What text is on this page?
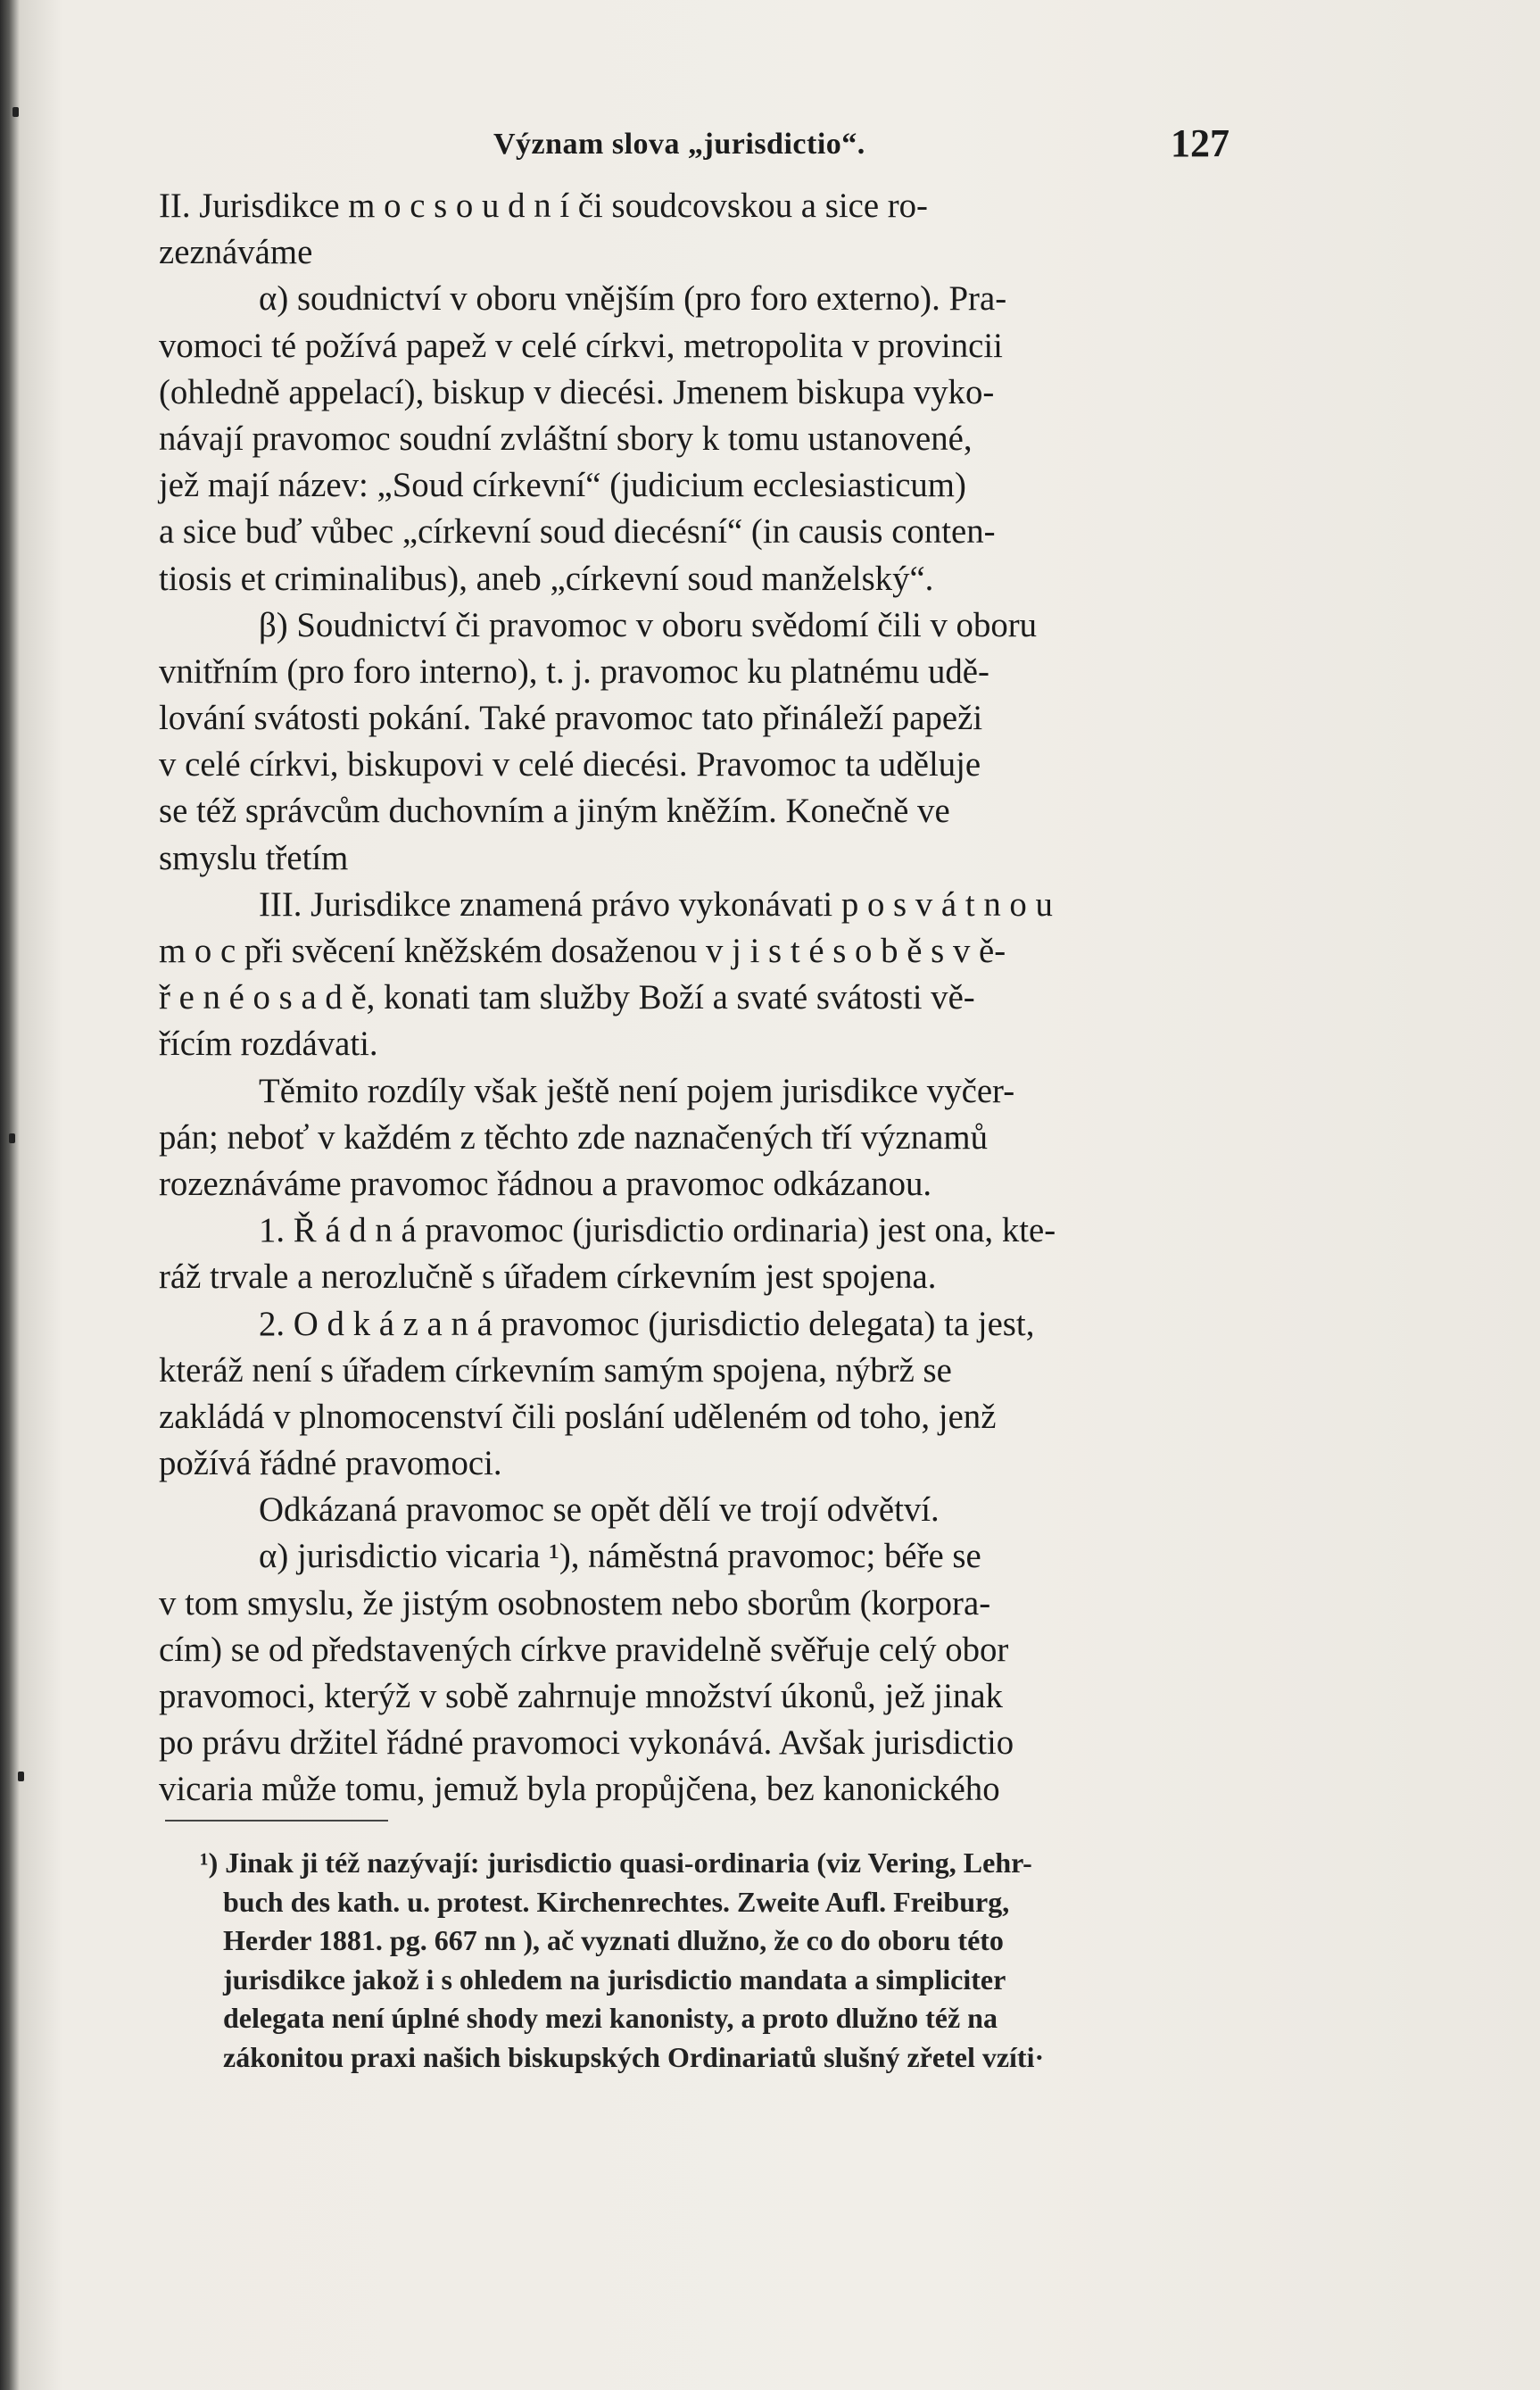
Význam slova „jurisdictio“.	127
II. Jurisdikce m o c s o u d n í či soudcovskou a sice ro-
zeznáváme
α) soudnictví v oboru vnějším (pro foro externo). Pra-
vomoci té požívá papež v celé církvi, metropolita v provincii
(ohledně appelací), biskup v diecési. Jmenem biskupa vyko-
návají pravomoc soudní zvláštní sbory k tomu ustanovené,
jež mají název: „Soud církevní“ (judicium ecclesiasticum)
a sice buď vůbec „církevní soud diecésní“ (in causis conten-
tiosis et criminalibus), aneb „církevní soud manželský“.
β) Soudnictví či pravomoc v oboru svědomí čili v oboru
vnitřním (pro foro interno), t. j. pravomoc ku platnému udě-
lování svátosti pokání. Také pravomoc tato přináleží papeži
v celé církvi, biskupovi v celé diecési. Pravomoc ta uděluje
se též správcům duchovním a jiným kněžím. Konečně ve
smyslu třetím
III. Jurisdikce znamená právo vykonávati p o s v á t n o u
m o c při svěcení kněžském dosaženou v j i s t é s o b ě s v ě-
ř e n é o s a d ě, konati tam služby Boží a svaté svátosti vě-
řícím rozdávati.
Těmito rozdíly však ještě není pojem jurisdikce vyčer-
pán; neboť v každém z těchto zde naznačených tří významů
rozeznáváme pravomoc řádnou a pravomoc odkázanou.
1. Ř á d n á pravomoc (jurisdictio ordinaria) jest ona, kte-
ráž trvale a nerozlučně s úřadem církevním jest spojena.
2. O d k á z a n á pravomoc (jurisdictio delegata) ta jest,
kteráž není s úřadem církevním samým spojena, nýbrž se
zakládá v plnomocenství čili poslání uděleném od toho, jenž
požívá řádné pravomoci.
Odkázaná pravomoc se opět dělí ve trojí odvětví.
α) jurisdictio vicaria ¹), náměstná pravomoc; béře se
v tom smyslu, že jistým osobnostem nebo sborům (korpora-
cím) se od představených církve pravidelně svěřuje celý obor
pravomoci, kterýž v sobě zahrnuje množství úkonů, jež jinak
po právu držitel řádné pravomoci vykonává. Avšak jurisdictio
vicaria může tomu, jemuž byla propůjčena, bez kanonického
¹) Jinak ji též nazývají: jurisdictio quasi-ordinaria (viz Vering, Lehr-
buch des kath. u. protest. Kirchenrechtes. Zweite Aufl. Freiburg,
Herder 1881. pg. 667 nn ), ač vyznati dlužno, že co do oboru této
jurisdikce jakož i s ohledem na jurisdictio mandata a simpliciter
delegata není úplné shody mezi kanonisty, a proto dlužno též na
zákonitou praxi našich biskupských Ordinariatů slušný zřetel vzíti·
